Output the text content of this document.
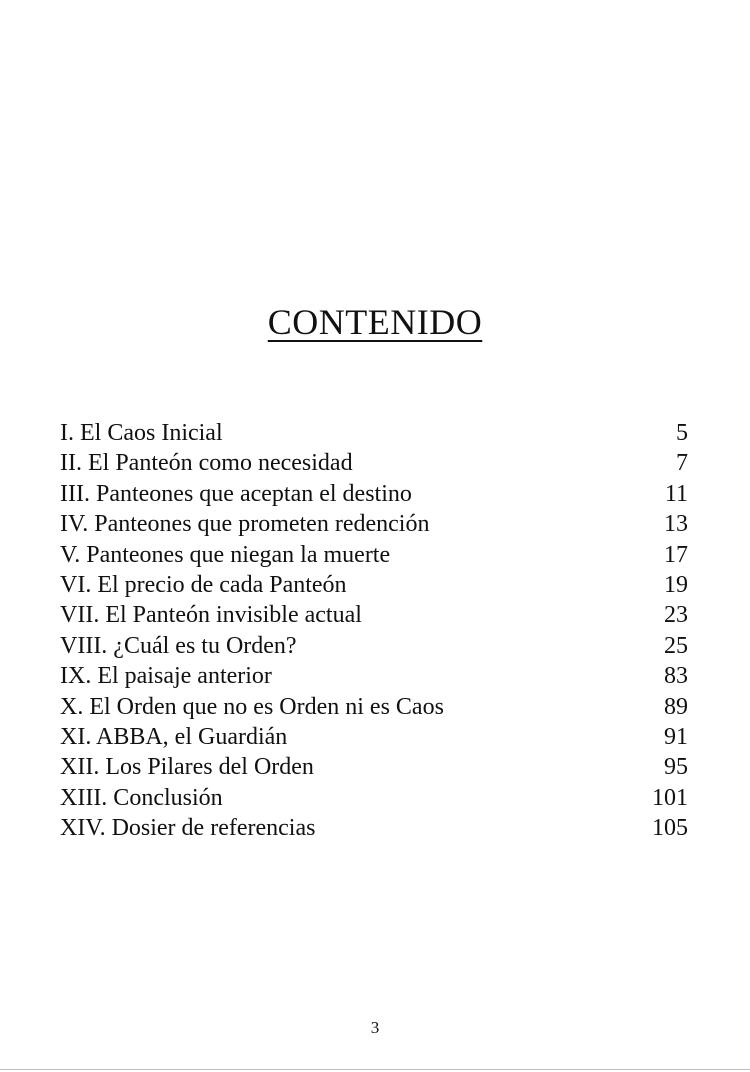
CONTENIDO
I. El Caos Inicial	5
II. El Panteón como necesidad	7
III. Panteones que aceptan el destino	11
IV. Panteones que prometen redención	13
V. Panteones que niegan la muerte	17
VI. El precio de cada Panteón	19
VII. El Panteón invisible actual	23
VIII. ¿Cuál es tu Orden?	25
IX. El paisaje anterior	83
X. El Orden que no es Orden ni es Caos	89
XI. ABBA, el Guardián	91
XII. Los Pilares del Orden	95
XIII. Conclusión	101
XIV. Dosier de referencias	105
3
